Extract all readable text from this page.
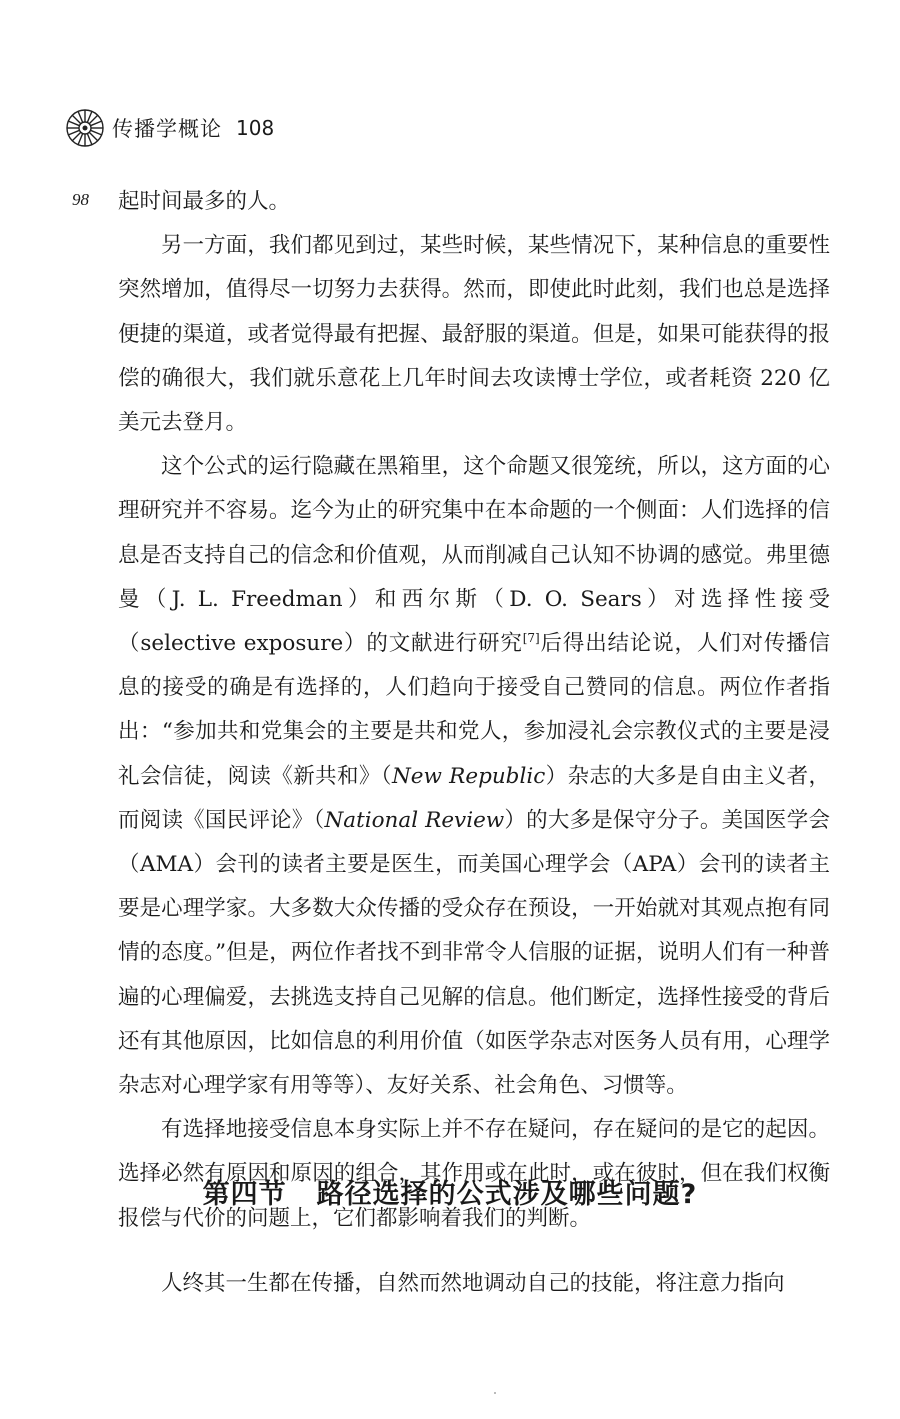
传播学概论 108
98 起时间最多的人。

另一方面，我们都见到过，某些时候，某些情况下，某种信息的重要性突然增加，值得尽一切努力去获得。然而，即使此时此刻，我们也总是选择便捷的渠道，或者觉得最有把握、最舒服的渠道。但是，如果可能获得的报偿的确很大，我们就乐意花上几年时间去攻读博士学位，或者耗资 220 亿美元去登月。

这个公式的运行隐藏在黑箱里，这个命题又很笼统，所以，这方面的心理研究并不容易。迄今为止的研究集中在本命题的一个侧面：人们选择的信息是否支持自己的信念和价值观，从而削减自己认知不协调的感觉。弗里德曼（J. L. Freedman）和西尔斯（D. O. Sears）对选择性接受（selective exposure）的文献进行研究[7]后得出结论说，人们对传播信息的接受的确是有选择的，人们趋向于接受自己赞同的信息。两位作者指出：“参加共和党集会的主要是共和党人，参加浸礼会宗教仪式的主要是浸礼会信徒，阅读《新共和》（New Republic）杂志的大多是自由主义者，而阅读《国民评论》（National Review）的大多是保守分子。美国医学会（AMA）会刊的读者主要是医生，而美国心理学会（APA）会刊的读者主要是心理学家。大多数大众传播的受众存在预设，一开始就对其观点抱有同情的态度。”但是，两位作者找不到非常令人信服的证据，说明人们有一种普遍的心理偏爱，去挑选支持自己见解的信息。他们断定，选择性接受的背后还有其他原因，比如信息的利用价值（如医学杂志对医务人员有用，心理学杂志对心理学家有用等等）、友好关系、社会角色、习惯等。

有选择地接受信息本身实际上并不存在疑问，存在疑问的是它的起因。选择必然有原因和原因的组合，其作用或在此时，或在彼时，但在我们权衡报偿与代价的问题上，它们都影响着我们的判断。

第四节 路径选择的公式涉及哪些问题?

人终其一生都在传播，自然而然地调动自己的技能，将注意力指向
